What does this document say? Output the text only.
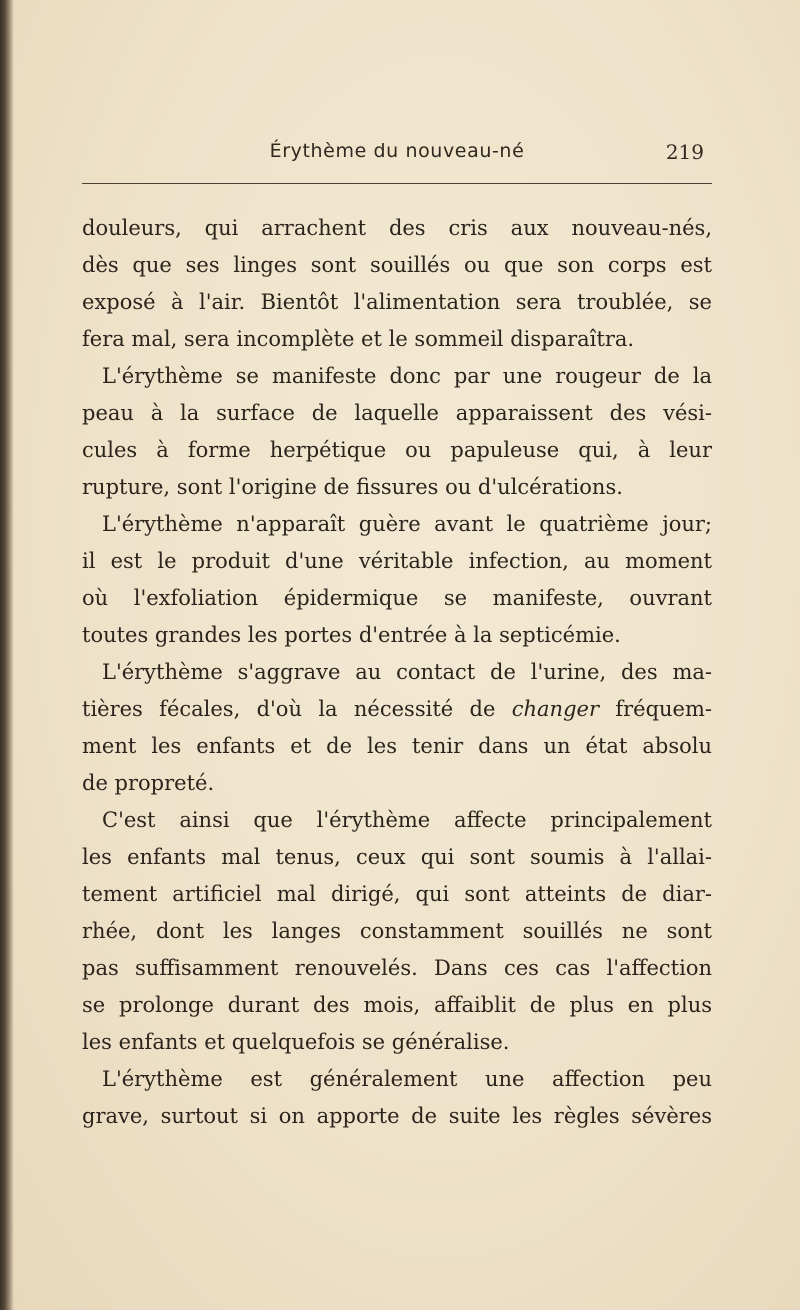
Érythème du nouveau-né	219
douleurs, qui arrachent des cris aux nouveau-nés,
dès que ses linges sont souillés ou que son corps est
exposé à l'air. Bientôt l'alimentation sera troublée, se
fera mal, sera incomplète et le sommeil disparaîtra.
L'érythème se manifeste donc par une rougeur de la
peau à la surface de laquelle apparaissent des vési-
cules à forme herpétique ou papuleuse qui, à leur
rupture, sont l'origine de fissures ou d'ulcérations.
L'érythème n'apparaît guère avant le quatrième jour;
il est le produit d'une véritable infection, au moment
où l'exfoliation épidermique se manifeste, ouvrant
toutes grandes les portes d'entrée à la septicémie.
L'érythème s'aggrave au contact de l'urine, des ma-
tières fécales, d'où la nécessité de changer fréquem-
ment les enfants et de les tenir dans un état absolu
de propreté.
C'est ainsi que l'érythème affecte principalement
les enfants mal tenus, ceux qui sont soumis à l'allai-
tement artificiel mal dirigé, qui sont atteints de diar-
rhée, dont les langes constamment souillés ne sont
pas suffisamment renouvelés. Dans ces cas l'affection
se prolonge durant des mois, affaiblit de plus en plus
les enfants et quelquefois se généralise.
L'érythème est généralement une affection peu
grave, surtout si on apporte de suite les règles sévères
